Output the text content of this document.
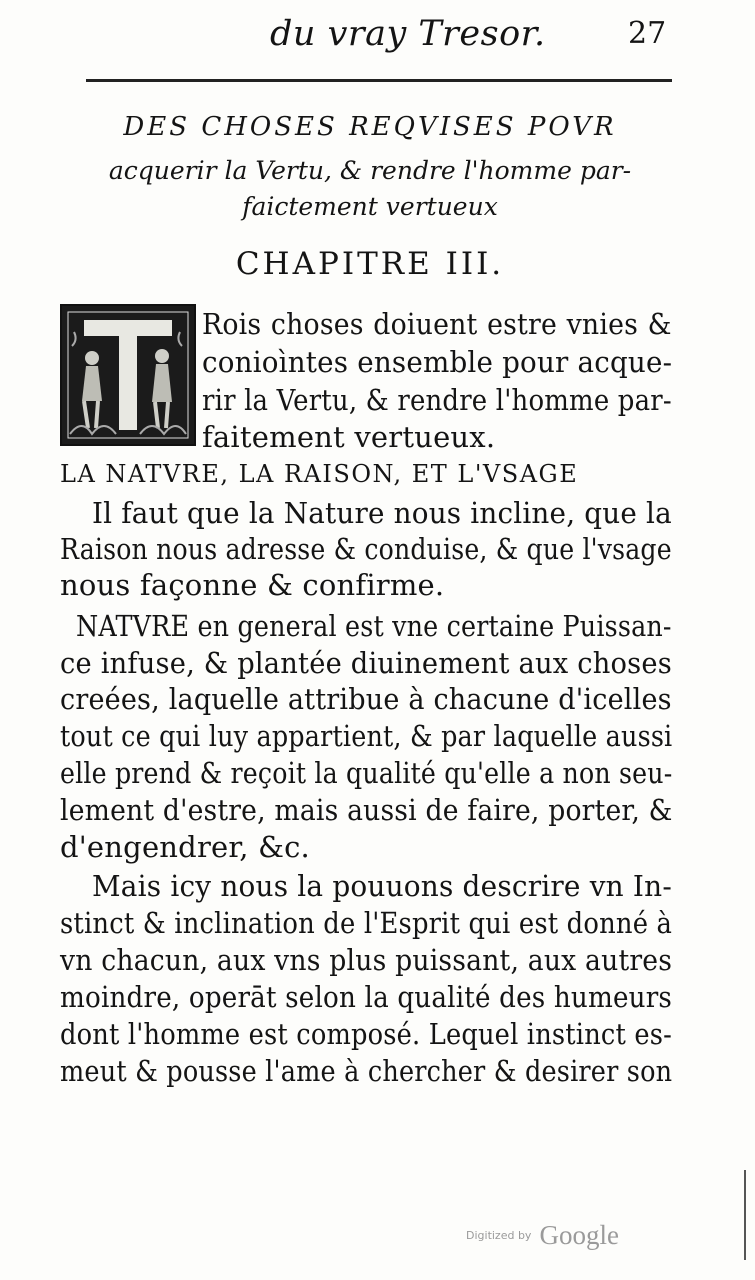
du vray Tresor.	27
DES CHOSES REQVISES POVR
acquerir la Vertu, & rendre l'homme par-
faictement vertueux
CHAPITRE III.
Rois choses doiuent estre vnies &
conioìntes ensemble pour acque-
rir la Vertu, & rendre l'homme par-
faitement vertueux.
LA NATVRE, LA RAISON, ET L'VSAGE
Il faut que la Nature nous incline, que la
Raison nous adresse & conduise, & que l'vsage
nous façonne & confirme.
NATVRE en general est vne certaine Puissan-
ce infuse, & plantée diuinement aux choses
creées, laquelle attribue à chacune d'icelles
tout ce qui luy appartient, & par laquelle aussi
elle prend & reçoit la qualité qu'elle a non seu-
lement d'estre, mais aussi de faire, porter, &
d'engendrer, &c.
Mais icy nous la pouuons descrire vn In-
stinct & inclination de l'Esprit qui est donné à
vn chacun, aux vns plus puissant, aux autres
moindre, operāt selon la qualité des humeurs
dont l'homme est composé. Lequel instinct es-
meut & pousse l'ame à chercher & desirer son
Digitized by Google
